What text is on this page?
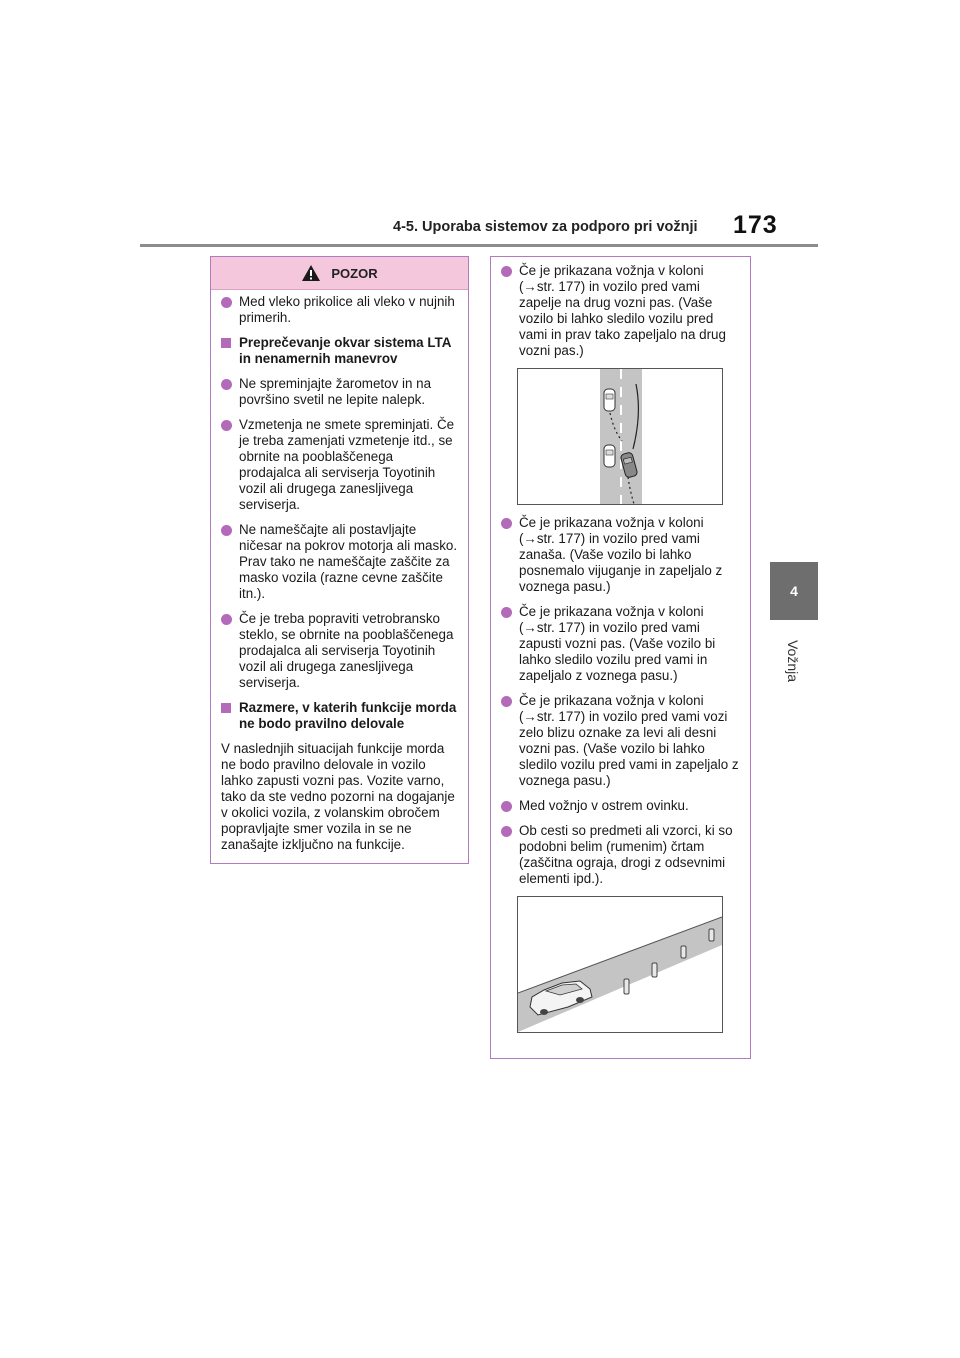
4-5. Uporaba sistemov za podporo pri vožnji 173
4
Vožnja
POZOR
Med vleko prikolice ali vleko v nujnih primerih.
Preprečevanje okvar sistema LTA in nenamernih manevrov
Ne spreminjajte žarometov in na površino svetil ne lepite nalepk.
Vzmetenja ne smete spreminjati. Če je treba zamenjati vzmetenje itd., se obrnite na pooblaščenega prodajalca ali serviserja Toyotinih vozil ali drugega zanesljivega serviserja.
Ne nameščajte ali postavljajte ničesar na pokrov motorja ali masko. Prav tako ne nameščajte zaščite za masko vozila (razne cevne zaščite itn.).
Če je treba popraviti vetrobransko steklo, se obrnite na pooblaščenega prodajalca ali serviserja Toyotinih vozil ali drugega zanesljivega serviserja.
Razmere, v katerih funkcije morda ne bodo pravilno delovale
V naslednjih situacijah funkcije morda ne bodo pravilno delovale in vozilo lahko zapusti vozni pas. Vozite varno, tako da ste vedno pozorni na dogajanje v okolici vozila, z volanskim obročem popravljajte smer vozila in se ne zanašajte izključno na funkcije.
Če je prikazana vožnja v koloni (→str. 177) in vozilo pred vami zapelje na drug vozni pas. (Vaše vozilo bi lahko sledilo vozilu pred vami in prav tako zapeljalo na drug vozni pas.)
Če je prikazana vožnja v koloni (→str. 177) in vozilo pred vami zanaša. (Vaše vozilo bi lahko posnemalo vijuganje in zapeljalo z voznega pasu.)
Če je prikazana vožnja v koloni (→str. 177) in vozilo pred vami zapusti vozni pas. (Vaše vozilo bi lahko sledilo vozilu pred vami in zapeljalo z voznega pasu.)
Če je prikazana vožnja v koloni (→str. 177) in vozilo pred vami vozi zelo blizu oznake za levi ali desni vozni pas. (Vaše vozilo bi lahko sledilo vozilu pred vami in zapeljalo z voznega pasu.)
Med vožnjo v ostrem ovinku.
Ob cesti so predmeti ali vzorci, ki so podobni belim (rumenim) črtam (zaščitna ograja, drogi z odsevnimi elementi ipd.).
